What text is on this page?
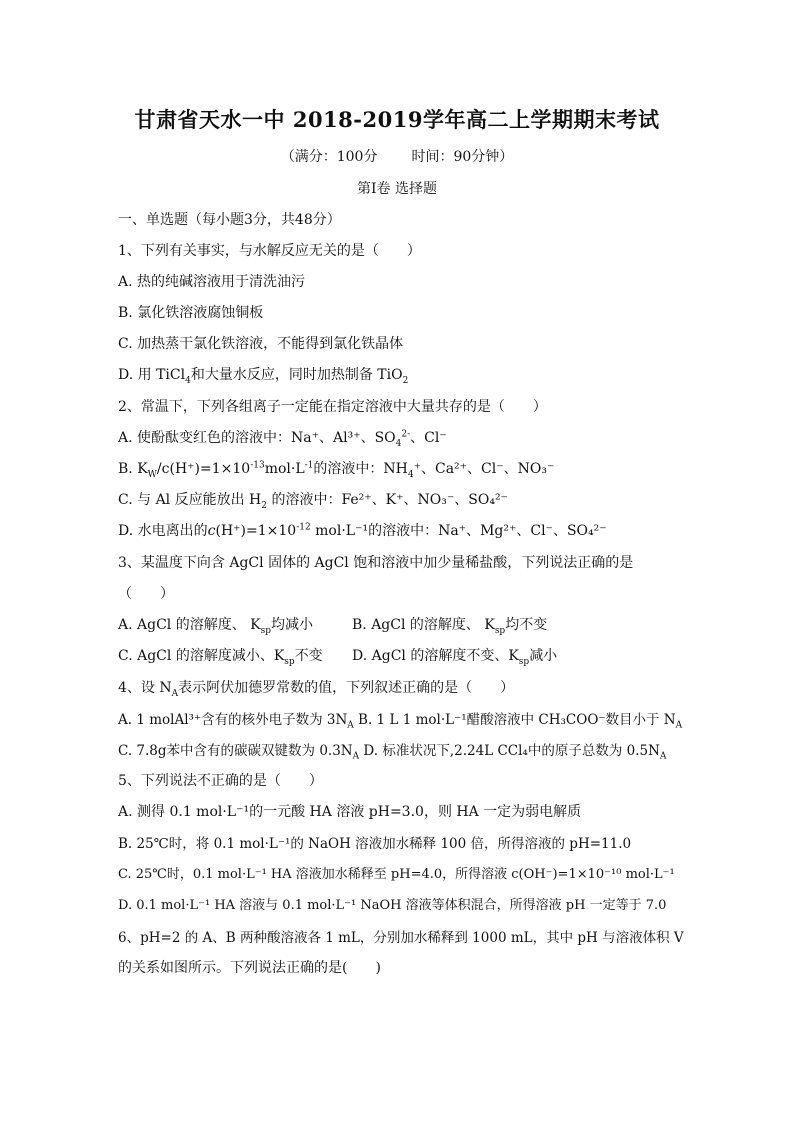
甘肃省天水一中 2018-2019学年高二上学期期末考试
（满分：100分 时间：90分钟）
第Ⅰ卷 选择题
一、单选题（每小题3分，共48分）
1、下列有关事实，与水解反应无关的是（　　）
A. 热的纯碱溶液用于清洗油污
B. 氯化铁溶液腐蚀铜板
C. 加热蒸干氯化铁溶液，不能得到氯化铁晶体
D. 用 TiCl$_4$和大量水反应，同时加热制备 TiO$_2$
2、常温下，下列各组离子一定能在指定溶液中大量共存的是（　　）
A. 使酚酞变红色的溶液中：Na⁺、Al³⁺、$SO_4^{2-}$、Cl⁻
B. $K_W/c(H^+)=1\times 10^{-13}mol\cdot L^{-1}$的溶液中：$NH_4^+$、Ca²⁺、Cl⁻、NO₃⁻
C. 与 Al 反应能放出 $H_2$ 的溶液中：Fe²⁺、K⁺、NO₃⁻、SO₄²⁻
D. 水电离出的$c(H^+)=1\times 10^{-12}$ mol·L⁻¹的溶液中：Na⁺、Mg²⁺、Cl⁻、SO₄²⁻
3、某温度下向含 AgCl 固体的 AgCl 饱和溶液中加少量稀盐酸，下列说法正确的是
（　　）
A. AgCl 的溶解度、 $K_{sp}$均减小	B. AgCl 的溶解度、 $K_{sp}$均不变
C. AgCl 的溶解度减小、$K_{sp}$不变 D. AgCl 的溶解度不变、$K_{sp}$减小
4、设 $N_A$表示阿伏加德罗常数的值，下列叙述正确的是（　　）
A. 1 molAl³⁺含有的核外电子数为 $3N_A$ B. 1 L 1 mol·L⁻¹醋酸溶液中 CH₃COO⁻数目小于 $N_A$
C. 7.8g苯中含有的碳碳双键数为 $0.3N_A$ D. 标准状况下,2.24L CCl₄中的原子总数为 $0.5N_A$
5、下列说法不正确的是（　　）
A. 测得 0.1 mol·L⁻¹的一元酸 HA 溶液 pH=3.0，则 HA 一定为弱电解质
B. 25℃时，将 0.1 mol·L⁻¹的 NaOH 溶液加水稀释 100 倍，所得溶液的 pH=11.0
C. 25℃时，0.1 mol·L⁻¹ HA 溶液加水稀释至 pH=4.0，所得溶液 c(OH⁻)=1×10⁻¹⁰ mol·L⁻¹
D. 0.1 mol·L⁻¹ HA 溶液与 0.1 mol·L⁻¹ NaOH 溶液等体积混合，所得溶液 pH 一定等于 7.0
6、pH=2 的 A、B 两种酸溶液各 1 mL，分别加水稀释到 1000 mL，其中 pH 与溶液体积 V
的关系如图所示。下列说法正确的是(　　)
